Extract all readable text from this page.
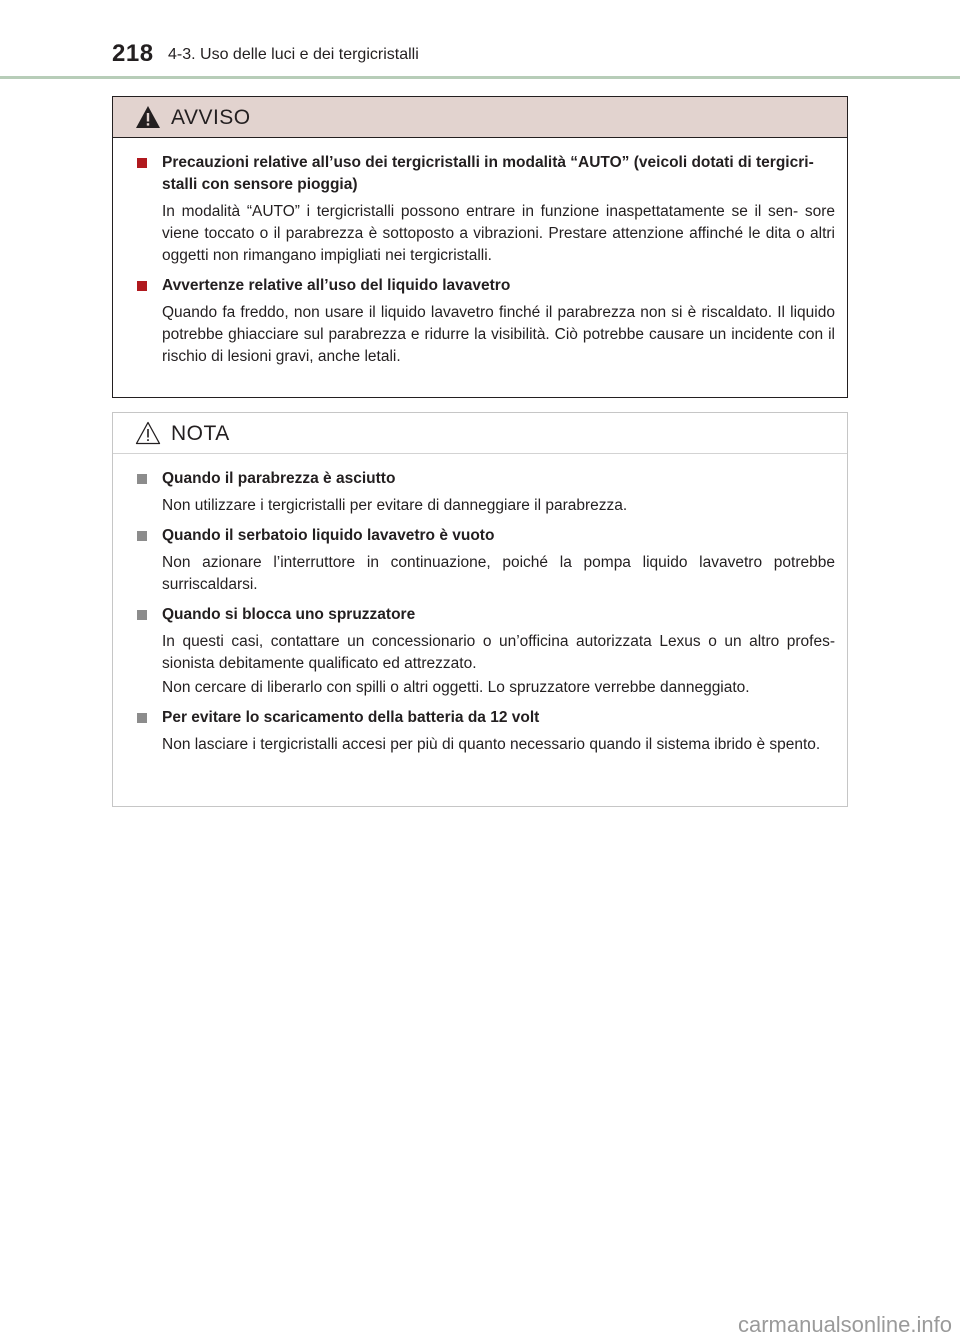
218 4-3. Uso delle luci e dei tergicristalli
AVVISO
Precauzioni relative all’uso dei tergicristalli in modalità “AUTO” (veicoli dotati di tergicri- stalli con sensore pioggia)

In modalità “AUTO” i tergicristalli possono entrare in funzione inaspettatamente se il sen- sore viene toccato o il parabrezza è sottoposto a vibrazioni. Prestare attenzione affinché le dita o altri oggetti non rimangano impigliati nei tergicristalli.

Avvertenze relative all’uso del liquido lavavetro

Quando fa freddo, non usare il liquido lavavetro finché il parabrezza non si è riscaldato. Il liquido potrebbe ghiacciare sul parabrezza e ridurre la visibilità. Ciò potrebbe causare un incidente con il rischio di lesioni gravi, anche letali.

NOTA
Quando il parabrezza è asciutto

Non utilizzare i tergicristalli per evitare di danneggiare il parabrezza.

Quando il serbatoio liquido lavavetro è vuoto

Non azionare l’interruttore in continuazione, poiché la pompa liquido lavavetro potrebbe surriscaldarsi.

Quando si blocca uno spruzzatore

In questi casi, contattare un concessionario o un’officina autorizzata Lexus o un altro profes- sionista debitamente qualificato ed attrezzato.

Non cercare di liberarlo con spilli o altri oggetti. Lo spruzzatore verrebbe danneggiato.

Per evitare lo scaricamento della batteria da 12 volt

Non lasciare i tergicristalli accesi per più di quanto necessario quando il sistema ibrido è spento.

carmanualsonline.info
